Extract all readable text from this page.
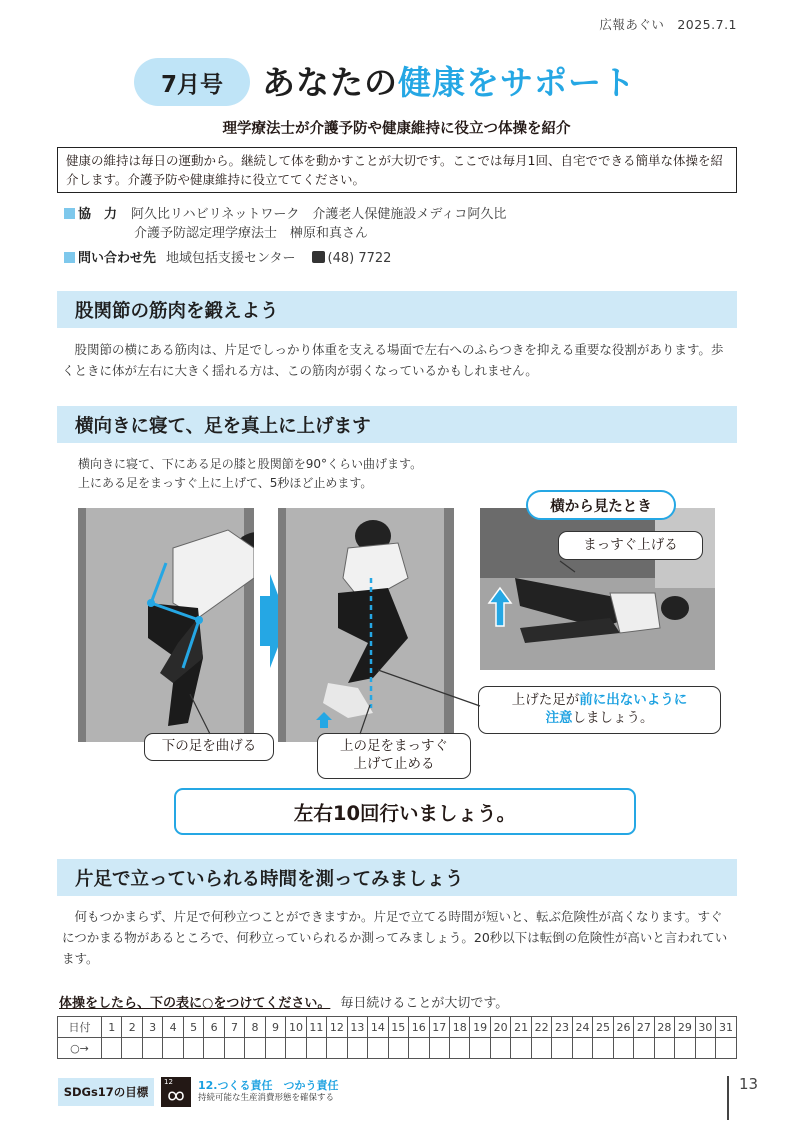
広報あぐい　2025.7.1
7月号	あなたの健康をサポート
理学療法士が介護予防や健康維持に役立つ体操を紹介
健康の維持は毎日の運動から。継続して体を動かすことが大切です。ここでは毎月1回、自宅でできる簡単な体操を紹介します。介護予防や健康維持に役立ててください。
協　力 阿久比リハビリネットワーク　介護老人保健施設メディコ阿久比
介護予防認定理学療法士　榊原和真さん
問い合わせ先 地域包括支援センター (48) 7722
股関節の筋肉を鍛えよう
股関節の横にある筋肉は、片足でしっかり体重を支える場面で左右へのふらつきを抑える重要な役割があります。歩くときに体が左右に大きく揺れる方は、この筋肉が弱くなっているかもしれません。
横向きに寝て、足を真上に上げます
横向きに寝て、下にある足の膝と股関節を90°くらい曲げます。
上にある足をまっすぐ上に上げて、5秒ほど止めます。
横から見たとき
まっすぐ上げる
下の足を曲げる	上の足をまっすぐ
上げて止める
上げた足が前に出ないように
注意しましょう。
左右10回行いましょう。
片足で立っていられる時間を測ってみましょう
何もつかまらず、片足で何秒立つことができますか。片足で立てる時間が短いと、転ぶ危険性が高くなります。すぐにつかまる物があるところで、何秒立っていられるか測ってみましょう。20秒以下は転倒の危険性が高いと言われています。
体操をしたら、下の表に○をつけてください。 毎日続けることが大切です。
日付	1	2	3	4	5	6	7	8	9	10	11	12	13	14	15	16	17	18	19	20	21	22	23	24	25	26	27	28	29	30	31
○→																															
SDGs17の目標
12 12.つくる責任　つかう責任
持続可能な生産消費形態を確保する
13
